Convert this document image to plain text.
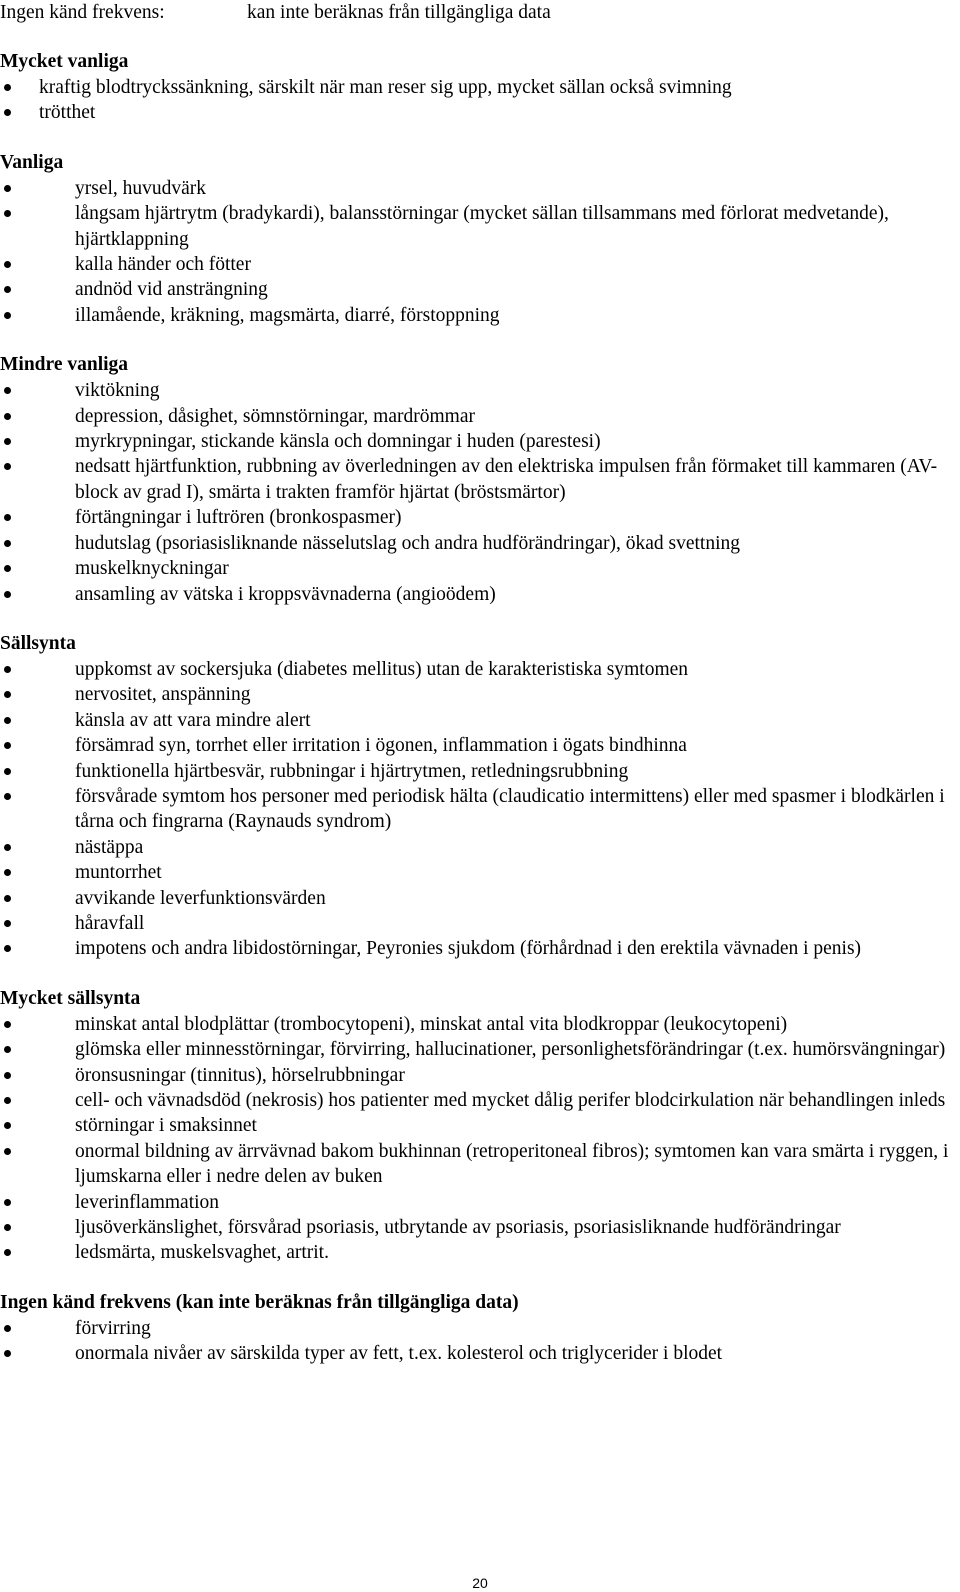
Ingen känd frekvens:	kan inte beräknas från tillgängliga data
Mycket vanliga
kraftig blodtryckssänkning, särskilt när man reser sig upp, mycket sällan också svimning
trötthet
Vanliga
yrsel, huvudvärk
långsam hjärtrytm (bradykardi), balansstörningar (mycket sällan tillsammans med förlorat medvetande), hjärtklappning
kalla händer och fötter
andnöd vid ansträngning
illamående, kräkning, magsmärta, diarré, förstoppning
Mindre vanliga
viktökning
depression, dåsighet, sömnstörningar, mardrömmar
myrkrypningar, stickande känsla och domningar i huden (parestesi)
nedsatt hjärtfunktion, rubbning av överledningen av den elektriska impulsen från förmaket till kammaren (AV-block av grad I), smärta i trakten framför hjärtat (bröstsmärtor)
förtängningar i luftrören (bronkospasmer)
hudutslag (psoriasisliknande nässelutslag och andra hudförändringar), ökad svettning
muskelknyckningar
ansamling av vätska i kroppsvävnaderna (angioödem)
Sällsynta
uppkomst av sockersjuka (diabetes mellitus) utan de karakteristiska symtomen
nervositet, anspänning
känsla av att vara mindre alert
försämrad syn, torrhet eller irritation i ögonen, inflammation i ögats bindhinna
funktionella hjärtbesvär, rubbningar i hjärtrytmen, retledningsrubbning
försvårade symtom hos personer med periodisk hälta (claudicatio intermittens) eller med spasmer i blodkärlen i tårna och fingrarna (Raynauds syndrom)
nästäppa
muntorrhet
avvikande leverfunktionsvärden
håravfall
impotens och andra libidostörningar, Peyronies sjukdom (förhårdnad i den erektila vävnaden i penis)
Mycket sällsynta
minskat antal blodplättar (trombocytopeni), minskat antal vita blodkroppar (leukocytopeni)
glömska eller minnesstörningar, förvirring, hallucinationer, personlighetsförändringar (t.ex. humörsvängningar)
öronsusningar (tinnitus), hörselrubbningar
cell- och vävnadsdöd (nekrosis) hos patienter med mycket dålig perifer blodcirkulation när behandlingen inleds
störningar i smaksinnet
onormal bildning av ärrvävnad bakom bukhinnan (retroperitoneal fibros); symtomen kan vara smärta i ryggen, i ljumskarna eller i nedre delen av buken
leverinflammation
ljusöverkänslighet, försvårad psoriasis, utbrytande av psoriasis, psoriasisliknande hudförändringar
ledsmärta, muskelsvaghet, artrit.
Ingen känd frekvens (kan inte beräknas från tillgängliga data)
förvirring
onormala nivåer av särskilda typer av fett, t.ex. kolesterol och triglycerider i blodet
20
